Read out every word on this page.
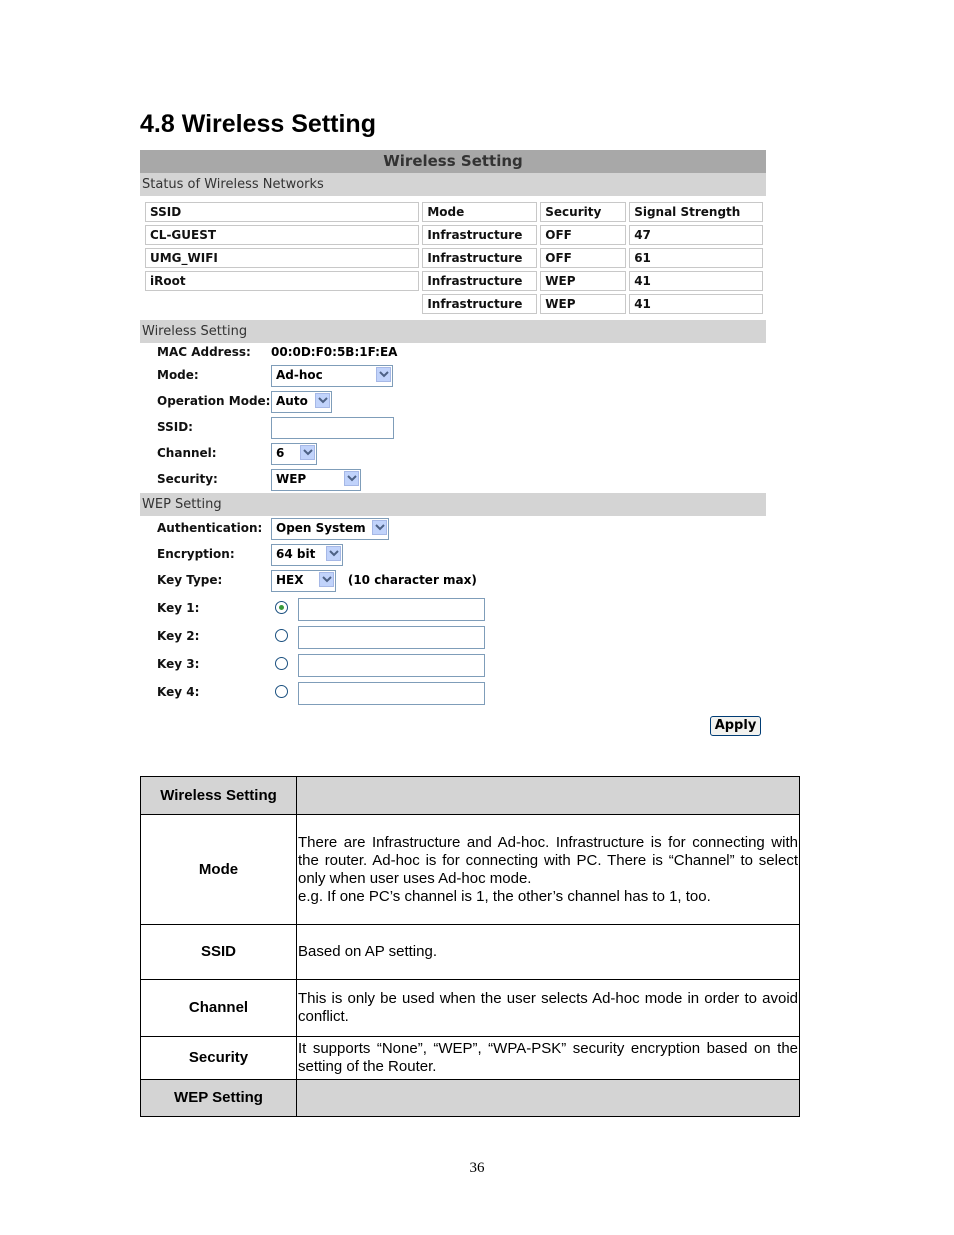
4.8 Wireless Setting
Wireless Setting
Status of Wireless Networks
SSID	Mode	Security	Signal Strength
CL-GUEST	Infrastructure	OFF	47
UMG_WIFI	Infrastructure	OFF	61
iRoot	Infrastructure	WEP	41
	Infrastructure	WEP	41
Wireless Setting
MAC Address: 00:0D:F0:5B:1F:EA
Mode:	Ad-hoc
Operation Mode: Auto
SSID:
Channel:	6
Security:	WEP
WEP Setting
Authentication: Open System
Encryption:	64 bit
Key Type:	HEX	(10 character max)
Key 1:

Key 2:

Key 3:

Key 4:

Apply
Wireless Setting	
Mode	There are Infrastructure and Ad-hoc. Infrastructure is for connecting with the router. Ad-hoc is for connecting with PC. There is “Channel” to select only when user uses Ad-hoc mode.
e.g. If one PC’s channel is 1, the other’s channel has to 1, too.

SSID	Based on AP setting.
Channel	This is only be used when the user selects Ad-hoc mode in order to avoid conflict.
Security	It supports “None”, “WEP”, “WPA-PSK” security encryption based on the setting of the Router.
WEP Setting	
36
